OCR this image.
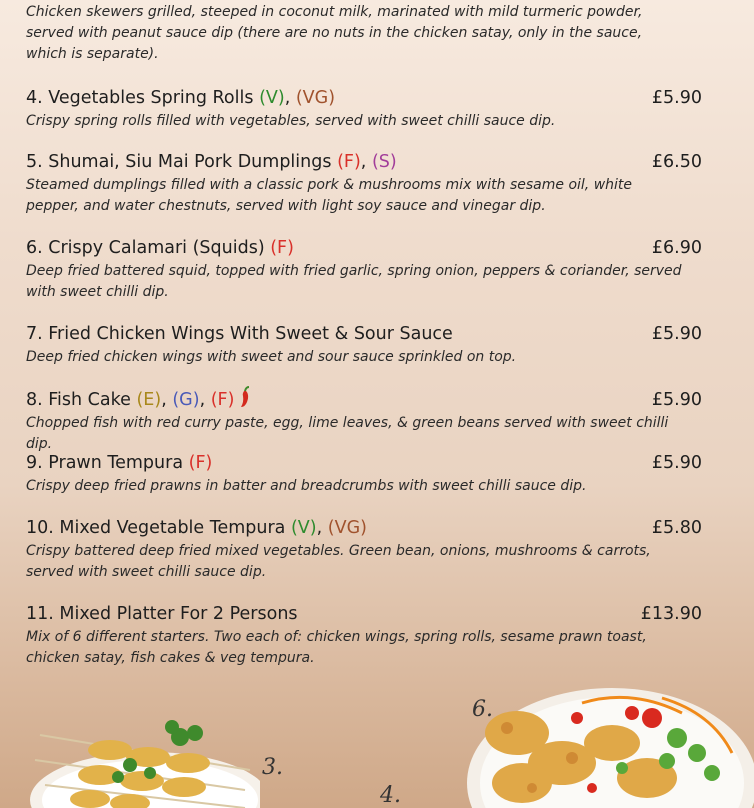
Chicken skewers grilled, steeped in coconut milk, marinated with mild turmeric powder, served with peanut sauce dip (there are no nuts in the chicken satay, only in the sauce, which is separate).
4. Vegetables Spring Rolls (V), (VG)	£5.90
Crispy spring rolls filled with vegetables, served with sweet chilli sauce dip.
5. Shumai, Siu Mai Pork Dumplings (F), (S)	£6.50
Steamed dumplings filled with a classic pork & mushrooms mix with sesame oil, white pepper, and water chestnuts, served with light soy sauce and vinegar dip.
6. Crispy Calamari (Squids) (F)	£6.90
Deep fried battered squid, topped with fried garlic, spring onion, peppers & coriander, served with sweet chilli dip.
7. Fried Chicken Wings With Sweet & Sour Sauce	£5.90
Deep fried chicken wings with sweet and sour sauce sprinkled on top.
8. Fish Cake (E), (G), (F)	£5.90
Chopped fish with red curry paste, egg, lime leaves, & green beans served with sweet chilli dip.
9. Prawn Tempura (F)	£5.90
Crispy deep fried prawns in batter and breadcrumbs with sweet chilli sauce dip.
10. Mixed Vegetable Tempura (V), (VG)	£5.80
Crispy battered deep fried mixed vegetables. Green bean, onions, mushrooms & carrots, served with sweet chilli sauce dip.
11. Mixed Platter For 2 Persons	£13.90
Mix of 6 different starters. Two each of: chicken wings, spring rolls, sesame prawn toast, chicken satay, fish cakes & veg tempura.
3.
4.
6.
